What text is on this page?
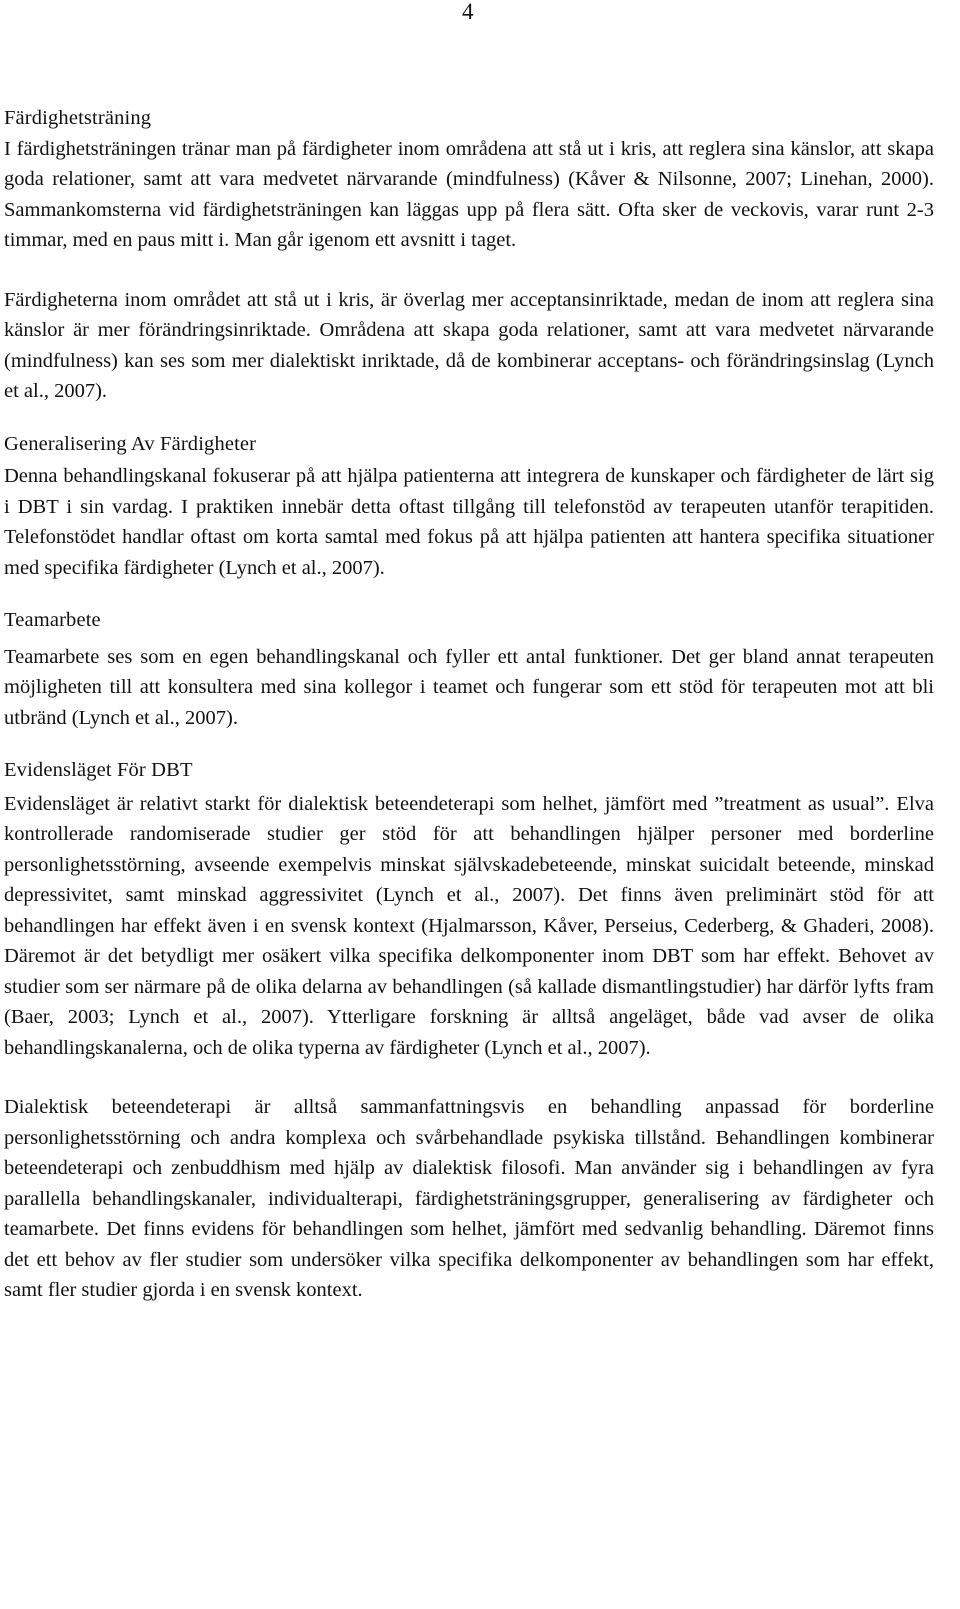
4
Färdighetsträning

I färdighetsträningen tränar man på färdigheter inom områdena att stå ut i kris, att reglera sina känslor, att skapa goda relationer, samt att vara medvetet närvarande (mindfulness) (Kåver & Nilsonne, 2007; Linehan, 2000). Sammankomsterna vid färdighetsträningen kan läggas upp på flera sätt. Ofta sker de veckovis, varar runt 2-3 timmar, med en paus mitt i. Man går igenom ett avsnitt i taget.

Färdigheterna inom området att stå ut i kris, är överlag mer acceptansinriktade, medan de inom att reglera sina känslor är mer förändringsinriktade. Områdena att skapa goda relationer, samt att vara medvetet närvarande (mindfulness) kan ses som mer dialektiskt inriktade, då de kombinerar acceptans- och förändringsinslag (Lynch et al., 2007).

Generalisering Av Färdigheter

Denna behandlingskanal fokuserar på att hjälpa patienterna att integrera de kunskaper och färdigheter de lärt sig i DBT i sin vardag. I praktiken innebär detta oftast tillgång till telefonstöd av terapeuten utanför terapitiden. Telefonstödet handlar oftast om korta samtal med fokus på att hjälpa patienten att hantera specifika situationer med specifika färdigheter (Lynch et al., 2007).

Teamarbete

Teamarbete ses som en egen behandlingskanal och fyller ett antal funktioner. Det ger bland annat terapeuten möjligheten till att konsultera med sina kollegor i teamet och fungerar som ett stöd för terapeuten mot att bli utbränd (Lynch et al., 2007).

Evidensläget För DBT

Evidensläget är relativt starkt för dialektisk beteendeterapi som helhet, jämfört med ”treatment as usual”. Elva kontrollerade randomiserade studier ger stöd för att behandlingen hjälper personer med borderline personlighetsstörning, avseende exempelvis minskat självskadebeteende, minskat suicidalt beteende, minskad depressivitet, samt minskad aggressivitet (Lynch et al., 2007). Det finns även preliminärt stöd för att behandlingen har effekt även i en svensk kontext (Hjalmarsson, Kåver, Perseius, Cederberg, & Ghaderi, 2008). Däremot är det betydligt mer osäkert vilka specifika delkomponenter inom DBT som har effekt. Behovet av studier som ser närmare på de olika delarna av behandlingen (så kallade dismantlingstudier) har därför lyfts fram (Baer, 2003; Lynch et al., 2007). Ytterligare forskning är alltså angeläget, både vad avser de olika behandlingskanalerna, och de olika typerna av färdigheter (Lynch et al., 2007).

Dialektisk beteendeterapi är alltså sammanfattningsvis en behandling anpassad för borderline personlighetsstörning och andra komplexa och svårbehandlade psykiska tillstånd. Behandlingen kombinerar beteendeterapi och zenbuddhism med hjälp av dialektisk filosofi. Man använder sig i behandlingen av fyra parallella behandlingskanaler, individualterapi, färdighetsträningsgrupper, generalisering av färdigheter och teamarbete. Det finns evidens för behandlingen som helhet, jämfört med sedvanlig behandling. Däremot finns det ett behov av fler studier som undersöker vilka specifika delkomponenter av behandlingen som har effekt, samt fler studier gjorda i en svensk kontext.
